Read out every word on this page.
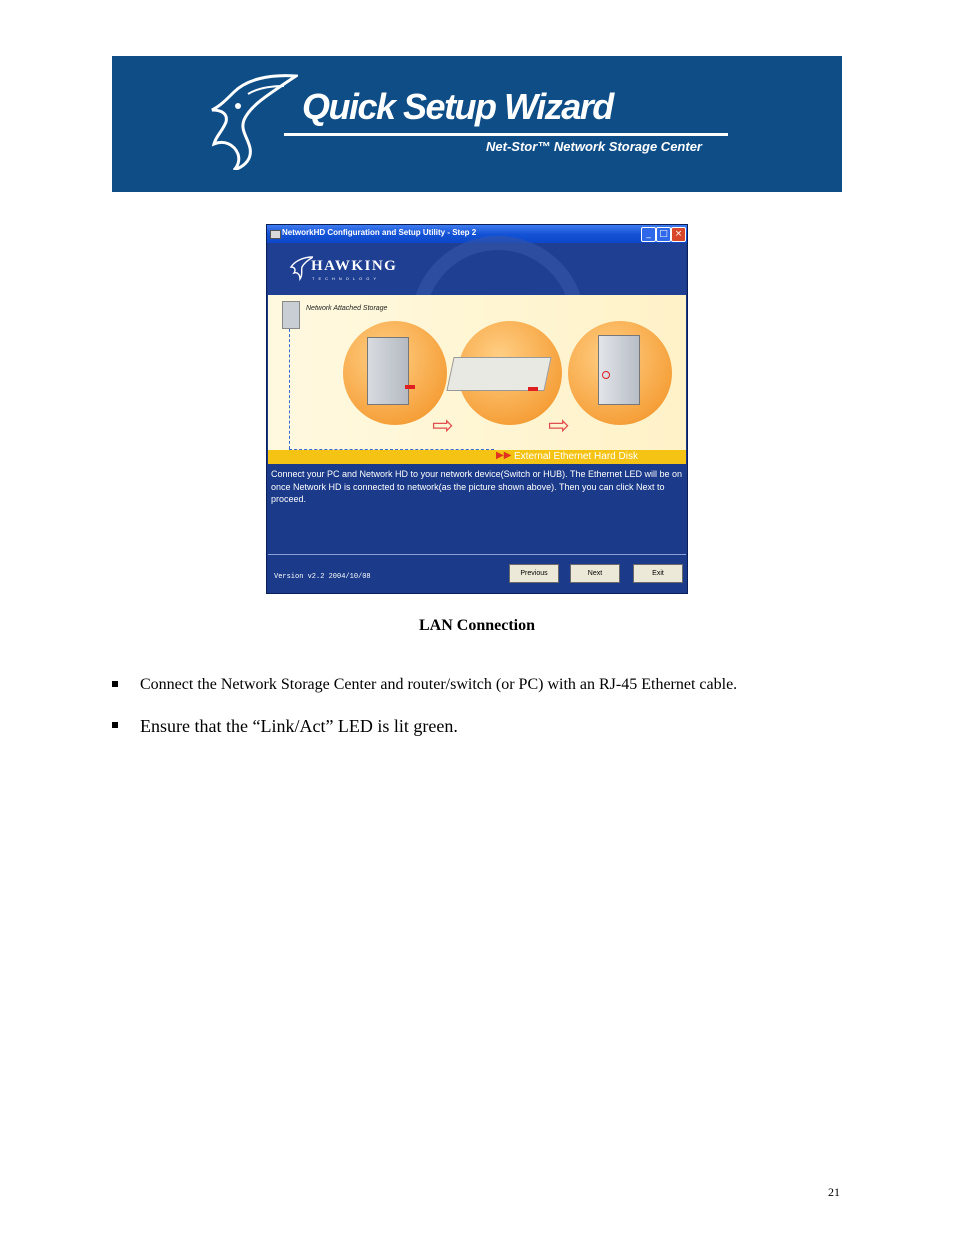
Quick Setup Wizard
Net-Stor™ Network Storage Center
NetworkHD Configuration and Setup Utility - Step 2	_ □ ×
HAWKING
TECHNOLOGY
Network Attached Storage
⇨	⇨
▶▶ External Ethernet Hard Disk
Connect your PC and Network HD to your network device(Switch or HUB). The Ethernet LED will be on once Network HD is connected to network(as the picture shown above). Then you can click Next to proceed.
Version v2.2 2004/10/08	Previous	Next	Exit
LAN Connection
Connect the Network Storage Center and router/switch (or PC) with an RJ-45 Ethernet cable.
Ensure that the “Link/Act” LED is lit green.
21
